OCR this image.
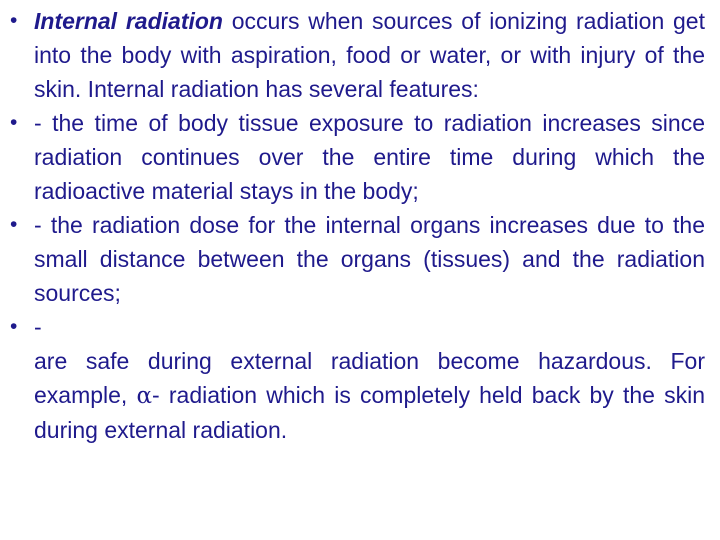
• Internal radiation occurs when sources of ionizing radiation get into the body with aspiration, food or water, or with injury of the skin. Internal radiation has several features:
• - the time of body tissue exposure to radiation increases since radiation continues over the entire time during which the radioactive material stays in the body;
• - the radiation dose for the internal organs increases due to the small distance between the organs (tissues) and the radiation sources;
• -
are safe during external radiation become hazardous. For example, α- radiation which is completely held back by the skin during external radiation.
